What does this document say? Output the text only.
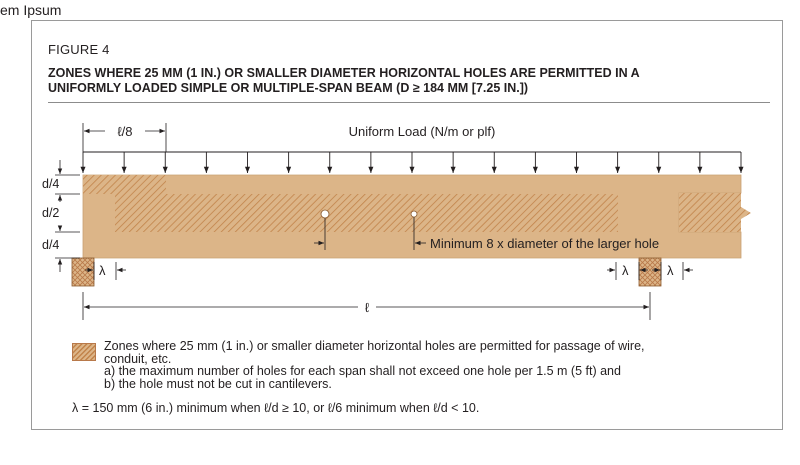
em Ipsum
FIGURE 4
ZONES WHERE 25 MM (1 IN.) OR SMALLER DIAMETER HORIZONTAL HOLES ARE PERMITTED IN A
UNIFORMLY LOADED SIMPLE OR MULTIPLE-SPAN BEAM (D ≥ 184 MM [7.25 IN.])
ℓ/8	Uniform Load (N/m or plf)
d/4
d/2
d/4	Minimum 8 x diameter of the larger hole
λ	λ	λ
ℓ
Zones where 25 mm (1 in.) or smaller diameter horizontal holes are permitted for passage of wire,
conduit, etc.
a) the maximum number of holes for each span shall not exceed one hole per 1.5 m (5 ft) and
b) the hole must not be cut in cantilevers.
λ = 150 mm (6 in.) minimum when ℓ/d ≥ 10, or ℓ/6 minimum when ℓ/d < 10.
